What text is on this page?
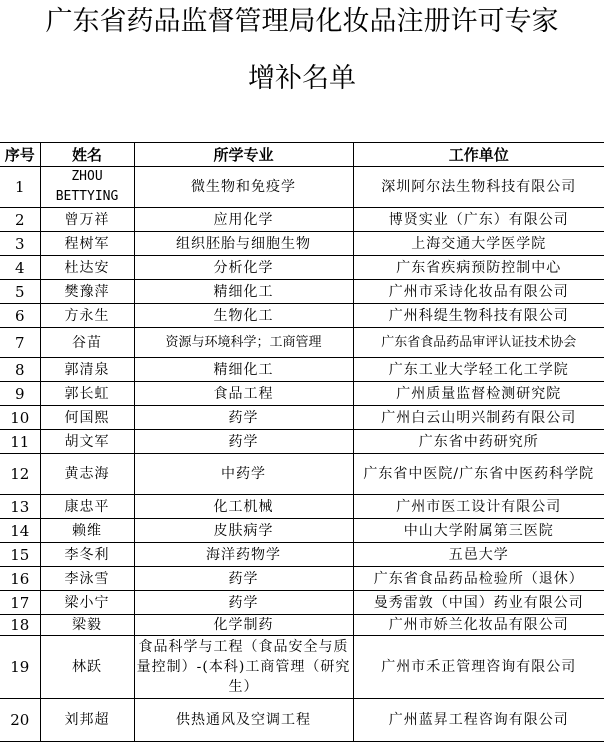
广东省药品监督管理局化妆品注册许可专家
增补名单
序号	姓名	所学专业	工作单位
1	ZHOU BETTYING	微生物和免疫学	深圳阿尔法生物科技有限公司
2	曾万祥	应用化学	博贤实业（广东）有限公司
3	程树军	组织胚胎与细胞生物	上海交通大学医学院
4	杜达安	分析化学	广东省疾病预防控制中心
5	樊豫萍	精细化工	广州市采诗化妆品有限公司
6	方永生	生物化工	广州科缇生物科技有限公司
7	谷苗	资源与环境科学；工商管理	广东省食品药品审评认证技术协会
8	郭清泉	精细化工	广东工业大学轻工化工学院
9	郭长虹	食品工程	广州质量监督检测研究院
10	何国熙	药学	广州白云山明兴制药有限公司
11	胡文军	药学	广东省中药研究所
12	黄志海	中药学	广东省中医院/广东省中医药科学院
13	康忠平	化工机械	广州市医工设计有限公司
14	赖维	皮肤病学	中山大学附属第三医院
15	李冬利	海洋药物学	五邑大学
16	李泳雪	药学	广东省食品药品检验所（退休）
17	梁小宁	药学	曼秀雷敦（中国）药业有限公司
18	梁毅	化学制药	广州市娇兰化妆品有限公司
19	林跃	食品科学与工程（食品安全与质量控制）-(本科)工商管理（研究生）	广州市禾正管理咨询有限公司
20	刘邦超	供热通风及空调工程	广州蓝昇工程咨询有限公司
